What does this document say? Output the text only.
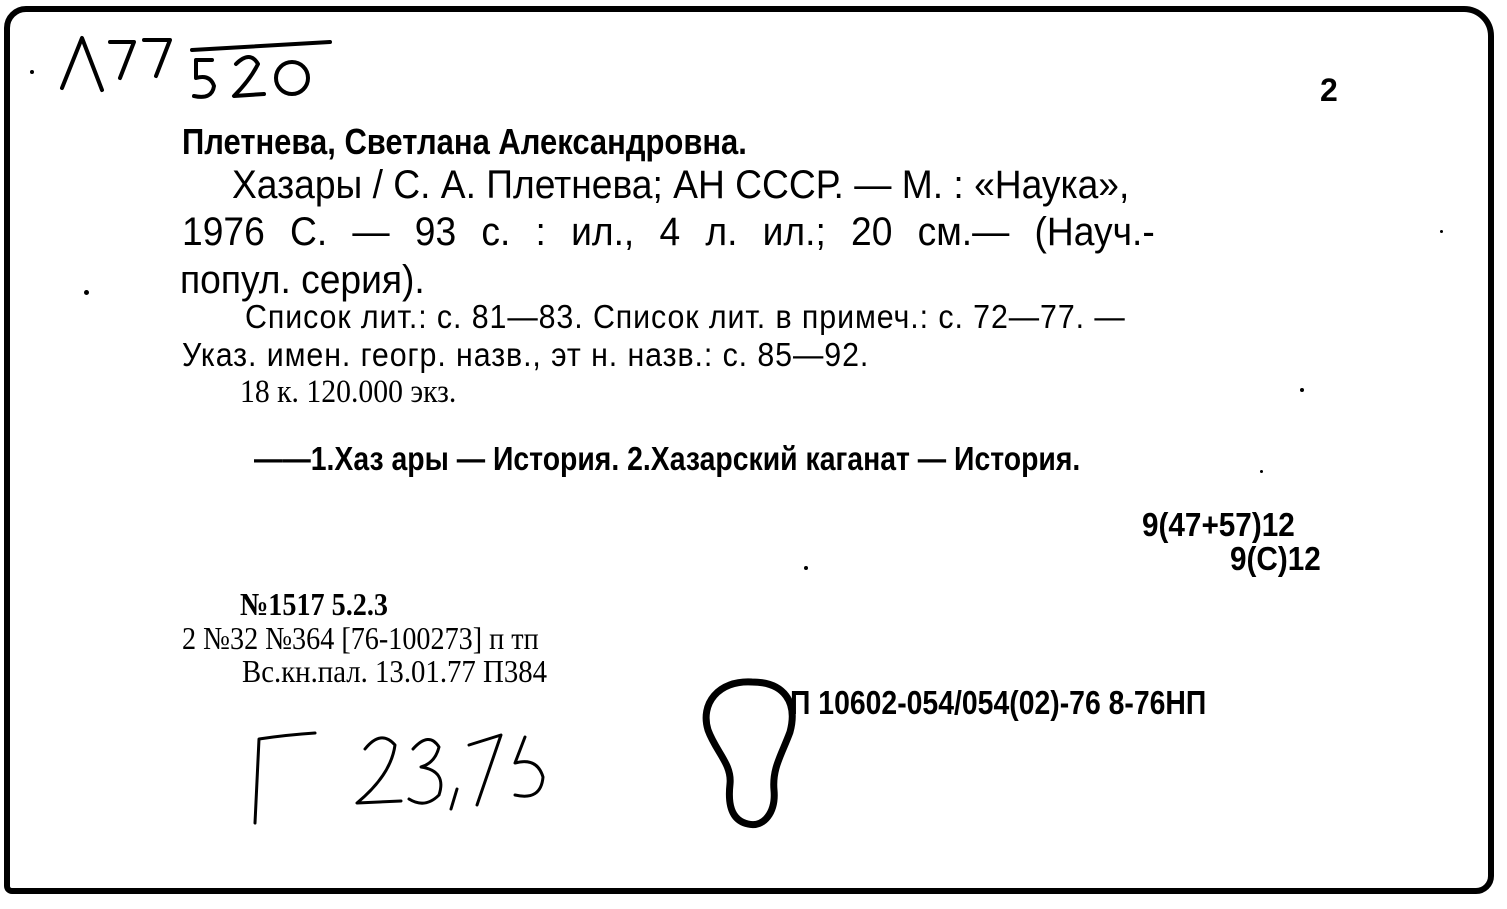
2

Плетнева, Светлана Александровна.

Хазары / С. А. Плетнева; АН СССР. — М. : «Наука»,

1976 С. — 93 с. : ил., 4 л. ил.; 20 см.— (Науч.-

попул. серия).

Список лит.: с. 81—83. Список лит. в примеч.: с. 72—77. —

Указ. имен. геогр. назв., эт н. назв.: с. 85—92.

18 к. 120.000 экз.

——1.Хаз ары — История. 2.Хазарский каганат — История.

9(47+57)12

9(С)12

№1517 5.2.3

2 №32 №364 [76-100273] п тп

Вс.кн.пал. 13.01.77 П384

П 10602-054/054(02)-76 8-76НП
